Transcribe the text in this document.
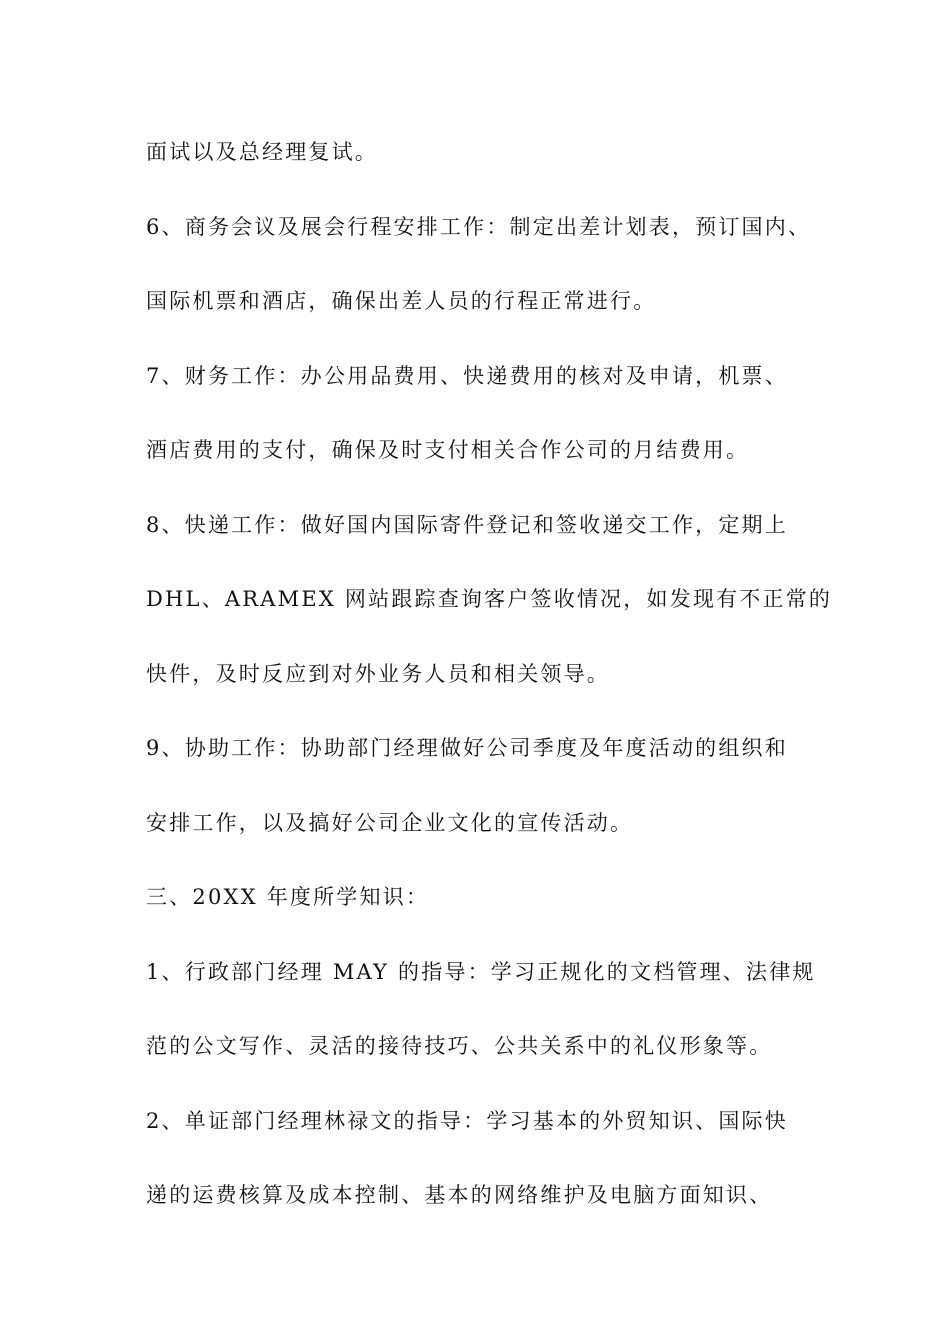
面试以及总经理复试。
6、商务会议及展会行程安排工作：制定出差计划表，预订国内、
国际机票和酒店，确保出差人员的行程正常进行。
7、财务工作：办公用品费用、快递费用的核对及申请，机票、
酒店费用的支付，确保及时支付相关合作公司的月结费用。
8、快递工作：做好国内国际寄件登记和签收递交工作，定期上
DHL、ARAMEX 网站跟踪查询客户签收情况，如发现有不正常的
快件，及时反应到对外业务人员和相关领导。
9、协助工作：协助部门经理做好公司季度及年度活动的组织和
安排工作，以及搞好公司企业文化的宣传活动。
三、20XX 年度所学知识：
1、行政部门经理 MAY 的指导：学习正规化的文档管理、法律规
范的公文写作、灵活的接待技巧、公共关系中的礼仪形象等。
2、单证部门经理林禄文的指导：学习基本的外贸知识、国际快
递的运费核算及成本控制、基本的网络维护及电脑方面知识、
